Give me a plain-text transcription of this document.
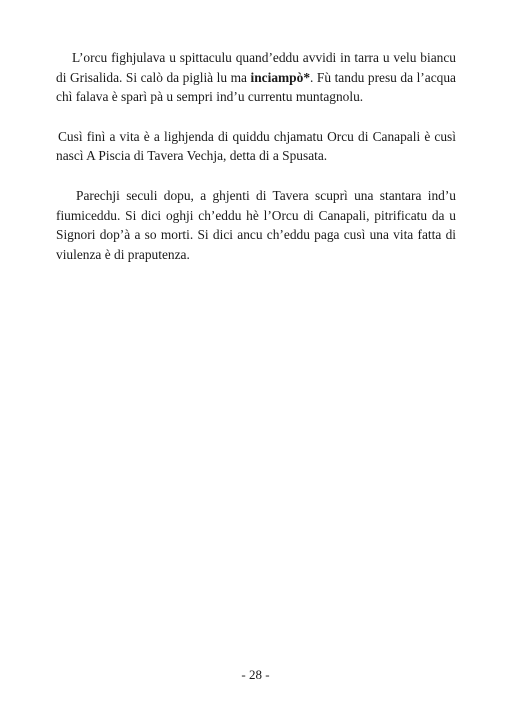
L’orcu fighjulava u spittaculu quand’eddu avvidi in tarra u velu biancu di Grisalida. Si calò da piglià lu ma inciampò*. Fù tandu presu da l’acqua chì falava è sparì pà u sempri ind’u currentu muntagnolu.

Cusì finì a vita è a lighjenda di quiddu chjamatu Orcu di Canapali è cusì nascì A Piscia di Tavera Vechja, detta di a Spusata.

Parechji seculi dopu, a ghjenti di Tavera scuprì una stantara ind’u fiumiceddu. Si dici oghji ch’eddu hè l’Orcu di Canapali, pitrificatu da u Signori dop’à a so morti. Si dici ancu ch’eddu paga cusì una vita fatta di viulenza è di praputenza.

- 28 -
